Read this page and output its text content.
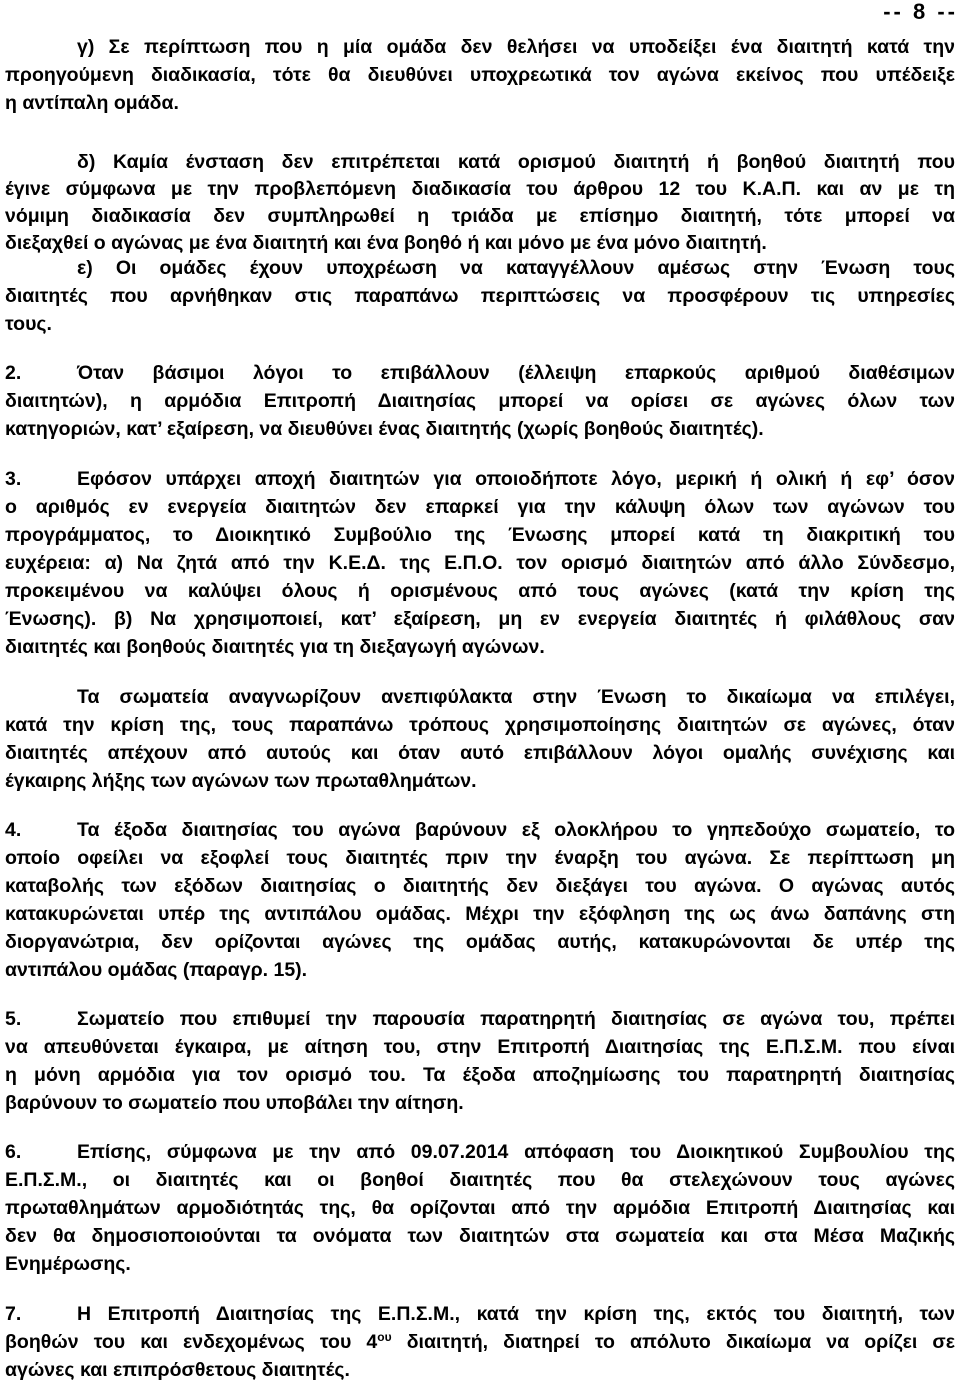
-- 8 --
γ) Σε περίπτωση που η μία ομάδα δεν θελήσει να υποδείξει ένα διαιτητή κατά την
προηγούμενη διαδικασία, τότε θα διευθύνει υποχρεωτικά τον αγώνα εκείνος που υπέδειξε
η αντίπαλη ομάδα.
δ) Καμία ένσταση δεν επιτρέπεται κατά ορισμού διαιτητή ή βοηθού διαιτητή που
έγινε σύμφωνα με την προβλεπόμενη διαδικασία του άρθρου 12 του Κ.Α.Π. και αν με τη
νόμιμη διαδικασία δεν συμπληρωθεί η τριάδα με επίσημο διαιτητή, τότε μπορεί να
διεξαχθεί ο αγώνας με ένα διαιτητή και ένα βοηθό ή και μόνο με ένα μόνο διαιτητή.
ε) Οι ομάδες έχουν υποχρέωση να καταγγέλλουν αμέσως στην Ένωση τους
διαιτητές που αρνήθηκαν στις παραπάνω περιπτώσεις να προσφέρουν τις υπηρεσίες
τους.
2.	Όταν βάσιμοι λόγοι το επιβάλλουν (έλλειψη επαρκούς αριθμού διαθέσιμων
διαιτητών), η αρμόδια Επιτροπή Διαιτησίας μπορεί να ορίσει σε αγώνες όλων των
κατηγοριών, κατ’ εξαίρεση, να διευθύνει ένας διαιτητής (χωρίς βοηθούς διαιτητές).
3.	Εφόσον υπάρχει αποχή διαιτητών για οποιοδήποτε λόγο, μερική ή ολική ή εφ’ όσον
ο αριθμός εν ενεργεία διαιτητών δεν επαρκεί για την κάλυψη όλων των αγώνων του
προγράμματος, το Διοικητικό Συμβούλιο της Ένωσης μπορεί κατά τη διακριτική του
ευχέρεια: α) Να ζητά από την Κ.Ε.Δ. της Ε.Π.Ο. τον ορισμό διαιτητών από άλλο Σύνδεσμο,
προκειμένου να καλύψει όλους ή ορισμένους από τους αγώνες (κατά την κρίση της
Ένωσης). β) Να χρησιμοποιεί, κατ’ εξαίρεση, μη εν ενεργεία διαιτητές ή φιλάθλους σαν
διαιτητές και βοηθούς διαιτητές για τη διεξαγωγή αγώνων.
Τα σωματεία αναγνωρίζουν ανεπιφύλακτα στην Ένωση το δικαίωμα να επιλέγει,
κατά την κρίση της, τους παραπάνω τρόπους χρησιμοποίησης διαιτητών σε αγώνες, όταν
διαιτητές απέχουν από αυτούς και όταν αυτό επιβάλλουν λόγοι ομαλής συνέχισης και
έγκαιρης λήξης των αγώνων των πρωταθλημάτων.
4.	Τα έξοδα διαιτησίας του αγώνα βαρύνουν εξ ολοκλήρου το γηπεδούχο σωματείο, το
οποίο οφείλει να εξοφλεί τους διαιτητές πριν την έναρξη του αγώνα. Σε περίπτωση μη
καταβολής των εξόδων διαιτησίας ο διαιτητής δεν διεξάγει του αγώνα. Ο αγώνας αυτός
κατακυρώνεται υπέρ της αντιπάλου ομάδας. Μέχρι την εξόφληση της ως άνω δαπάνης στη
διοργανώτρια, δεν ορίζονται αγώνες της ομάδας αυτής, κατακυρώνονται δε υπέρ της
αντιπάλου ομάδας (παραγρ. 15).
5.	Σωματείο που επιθυμεί την παρουσία παρατηρητή διαιτησίας σε αγώνα του, πρέπει
να απευθύνεται έγκαιρα, με αίτηση του, στην Επιτροπή Διαιτησίας της Ε.Π.Σ.Μ. που είναι
η μόνη αρμόδια για τον ορισμό του. Τα έξοδα αποζημίωσης του παρατηρητή διαιτησίας
βαρύνουν το σωματείο που υποβάλει την αίτηση.
6.	Επίσης, σύμφωνα με την από 09.07.2014 απόφαση του Διοικητικού Συμβουλίου της
Ε.Π.Σ.Μ., οι διαιτητές και οι βοηθοί διαιτητές που θα στελεχώνουν τους αγώνες
πρωταθλημάτων αρμοδιότητάς της, θα ορίζονται από την αρμόδια Επιτροπή Διαιτησίας και
δεν θα δημοσιοποιούνται τα ονόματα των διαιτητών στα σωματεία και στα Μέσα Μαζικής
Ενημέρωσης.
7.	Η Επιτροπή Διαιτησίας της Ε.Π.Σ.Μ., κατά την κρίση της, εκτός του διαιτητή, των
βοηθών του και ενδεχομένως του $4^{o\upsilon}$ διαιτητή, διατηρεί το απόλυτο δικαίωμα να ορίζει σε
αγώνες και επιπρόσθετους διαιτητές.
